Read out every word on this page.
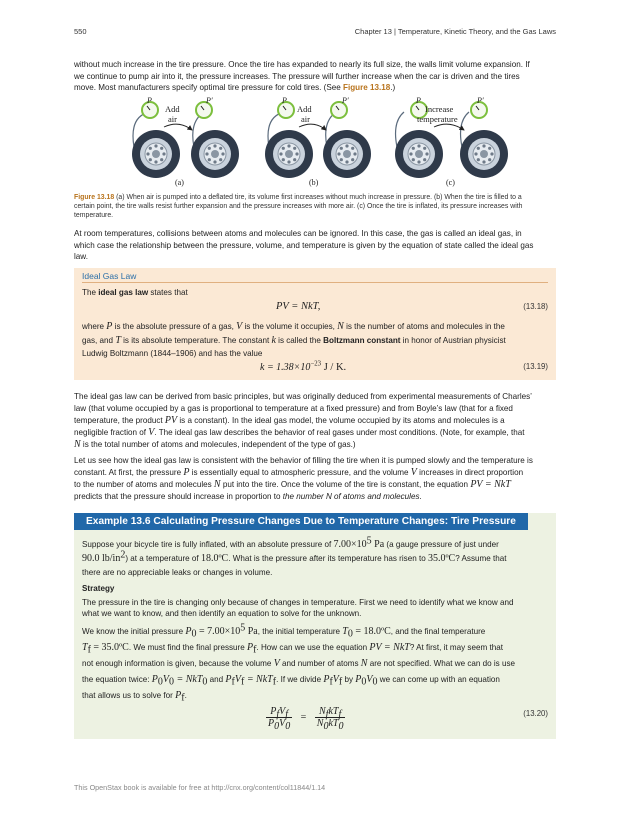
550	Chapter 13 | Temperature, Kinetic Theory, and the Gas Laws
without much increase in the tire pressure. Once the tire has expanded to nearly its full size, the walls limit volume expansion. If
we continue to pump air into it, the pressure increases. The pressure will further increase when the car is driven and the tires
move. Most manufacturers specify optimal tire pressure for cold tires. (See Figure 13.18.)
P	P′
Add
air
(a)
P	P′
Add
air
(b)
P	P′
Increase
temperature
(c)
Figure 13.18 (a) When air is pumped into a deflated tire, its volume first increases without much increase in pressure. (b) When the tire is filled to a
certain point, the tire walls resist further expansion and the pressure increases with more air. (c) Once the tire is inflated, its pressure increases with
temperature.
At room temperatures, collisions between atoms and molecules can be ignored. In this case, the gas is called an ideal gas, in
which case the relationship between the pressure, volume, and temperature is given by the equation of state called the ideal gas
law.
Ideal Gas Law
The ideal gas law states that
PV = NkT,	(13.18)
where P is the absolute pressure of a gas, V is the volume it occupies, N is the number of atoms and molecules in the
gas, and T is its absolute temperature. The constant k is called the Boltzmann constant in honor of Austrian physicist
Ludwig Boltzmann (1844–1906) and has the value
$k = 1.38\times 10^{-23}$ J / K.	(13.19)
The ideal gas law can be derived from basic principles, but was originally deduced from experimental measurements of Charles’
law (that volume occupied by a gas is proportional to temperature at a fixed pressure) and from Boyle’s law (that for a fixed
temperature, the product PV is a constant). In the ideal gas model, the volume occupied by its atoms and molecules is a
negligible fraction of V. The ideal gas law describes the behavior of real gases under most conditions. (Note, for example, that
N is the total number of atoms and molecules, independent of the type of gas.)
Let us see how the ideal gas law is consistent with the behavior of filling the tire when it is pumped slowly and the temperature is
constant. At first, the pressure P is essentially equal to atmospheric pressure, and the volume V increases in direct proportion
to the number of atoms and molecules N put into the tire. Once the volume of the tire is constant, the equation PV = NkT
predicts that the pressure should increase in proportion to the number N of atoms and molecules.
Example 13.6 Calculating Pressure Changes Due to Temperature Changes: Tire Pressure
Suppose your bicycle tire is fully inflated, with an absolute pressure of $7.00\times 10^5$ Pa (a gauge pressure of just under
90.0 $lb/in^2$) at a temperature of 18.0ºC. What is the pressure after its temperature has risen to 35.0ºC? Assume that
there are no appreciable leaks or changes in volume.
Strategy
The pressure in the tire is changing only because of changes in temperature. First we need to identify what we know and
what we want to know, and then identify an equation to solve for the unknown.
We know the initial pressure $P_0 = 7.00\times 10^5$ Pa, the initial temperature $T_0$ = 18.0ºC, and the final temperature
$T_f$ = 35.0ºC. We must find the final pressure $P_f$. How can we use the equation PV = NkT? At first, it may seem that
not enough information is given, because the volume V and number of atoms N are not specified. What we can do is use
the equation twice: $P_0V_0 = NkT_0$ and $P_fV_f = NkT_f$. If we divide $P_fV_f$ by $P_0V_0$ we can come up with an equation
that allows us to solve for $P_f$.
$P_fV_f$
$P_0V_0$
=
$N_fkT_f$
$N_0kT_0$
(13.20)
This OpenStax book is available for free at http://cnx.org/content/col11844/1.14
